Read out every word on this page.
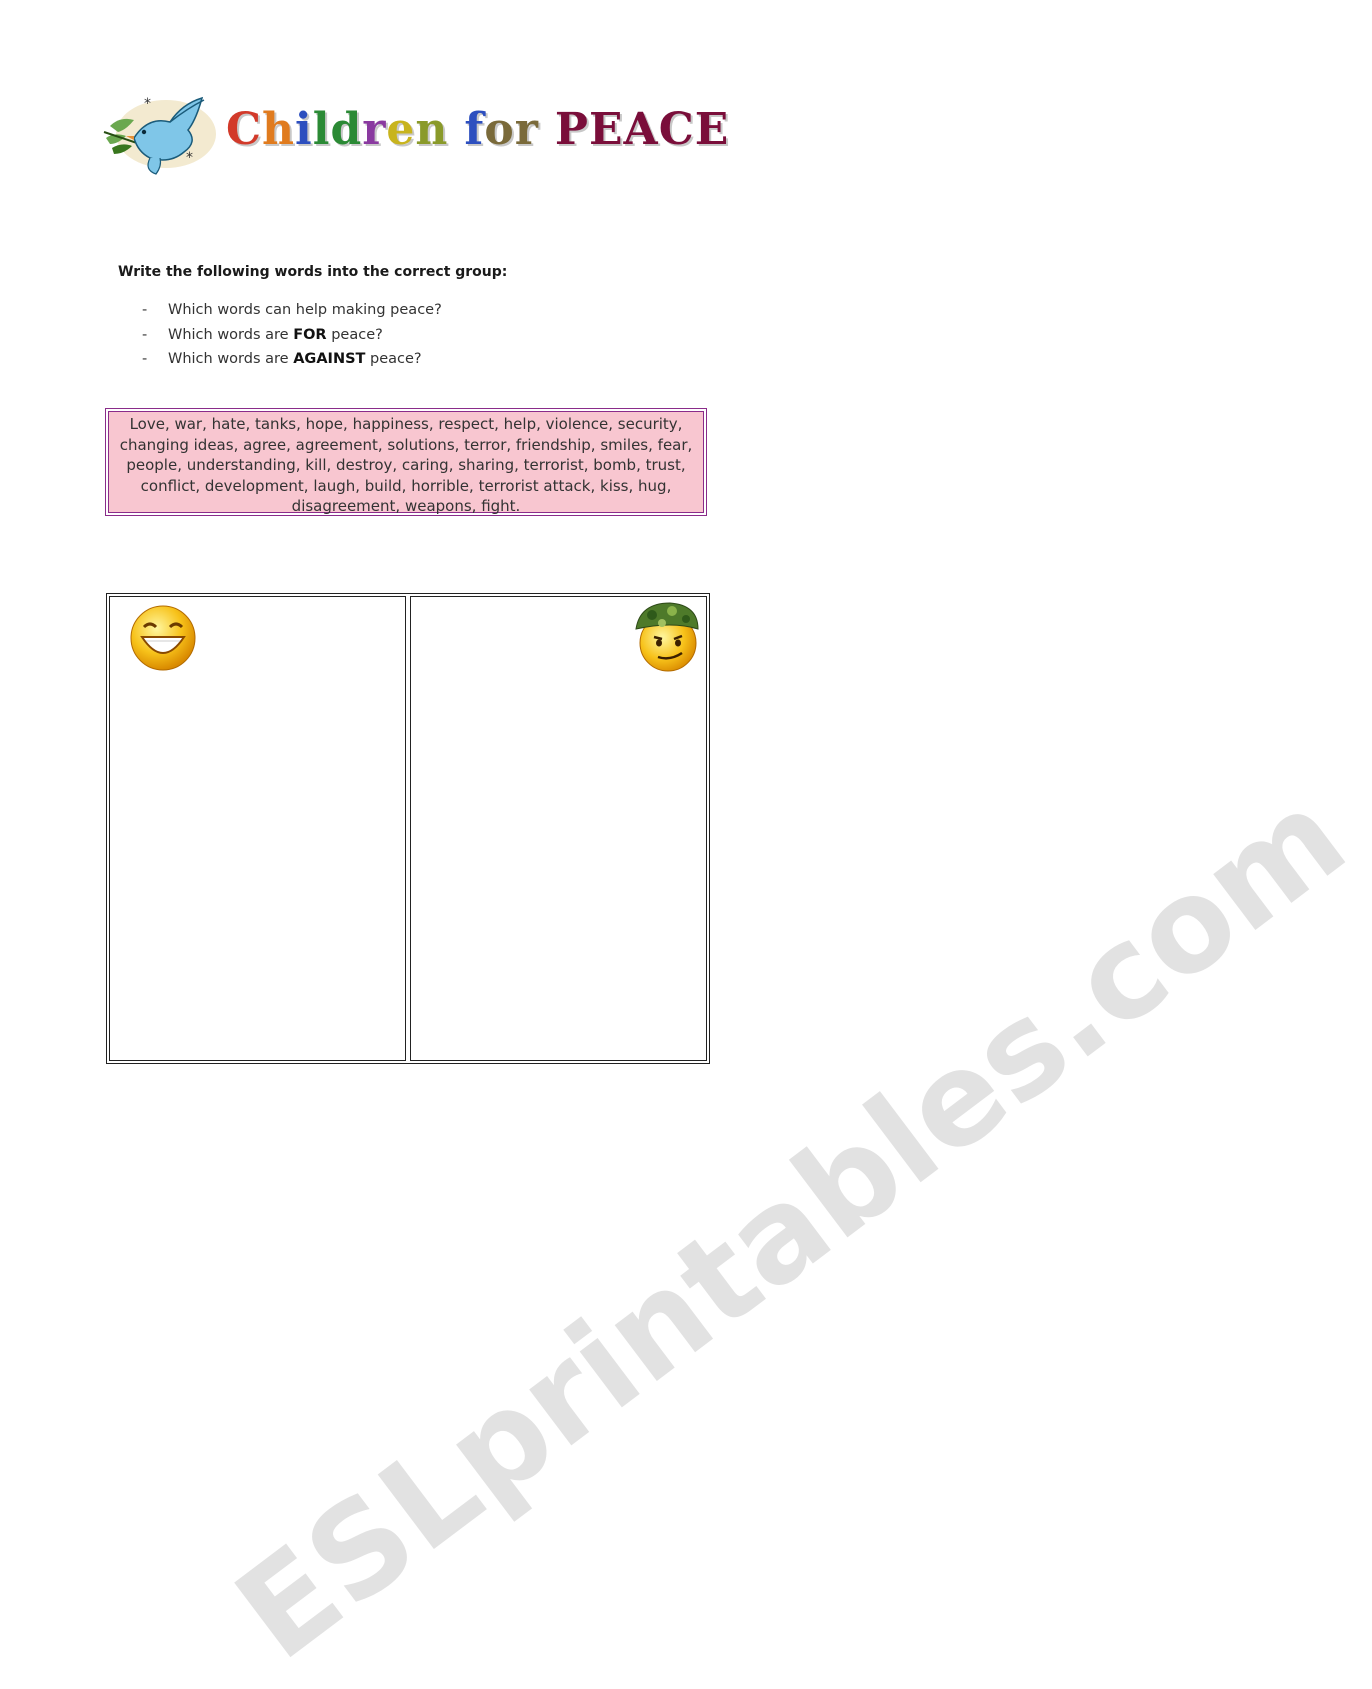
*
*
Children for PEACE
Write the following words into the correct group:
- Which words can help making peace?
- Which words are FOR peace?
- Which words are AGAINST peace?
Love, war, hate, tanks, hope, happiness, respect, help, violence, security, changing ideas, agree, agreement, solutions, terror, friendship, smiles, fear, people, understanding, kill, destroy, caring, sharing, terrorist, bomb, trust, conflict, development, laugh, build, horrible, terrorist attack, kiss, hug, disagreement, weapons, fight.
ESLprintables.com
